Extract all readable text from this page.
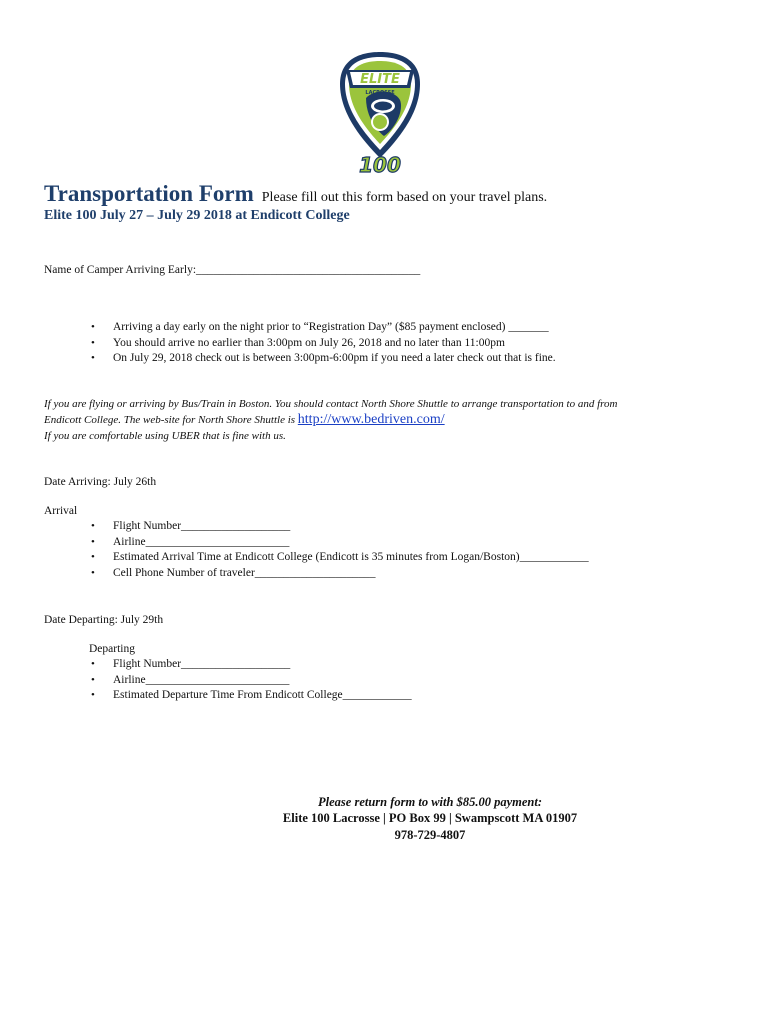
ELITE
LACROSSE
100
Transportation Form Please fill out this form based on your travel plans.
Elite 100 July 27 – July 29 2018 at Endicott College
Name of Camper Arriving Early:_______________________________________
• Arriving a day early on the night prior to “Registration Day” ($85 payment enclosed) _______
• You should arrive no earlier than 3:00pm on July 26, 2018 and no later than 11:00pm
• On July 29, 2018 check out is between 3:00pm-6:00pm if you need a later check out that is fine.
If you are flying or arriving by Bus/Train in Boston. You should contact North Shore Shuttle to arrange transportation to and from
Endicott College. The web-site for North Shore Shuttle is http://www.bedriven.com/
If you are comfortable using UBER that is fine with us.
Date Arriving: July 26th
Arrival
• Flight Number___________________
• Airline_________________________
• Estimated Arrival Time at Endicott College (Endicott is 35 minutes from Logan/Boston)____________
• Cell Phone Number of traveler_____________________
Date Departing: July 29th
Departing
• Flight Number___________________
• Airline_________________________
• Estimated Departure Time From Endicott College____________
Please return form to with $85.00 payment:
Elite 100 Lacrosse | PO Box 99 | Swampscott MA 01907
978-729-4807
